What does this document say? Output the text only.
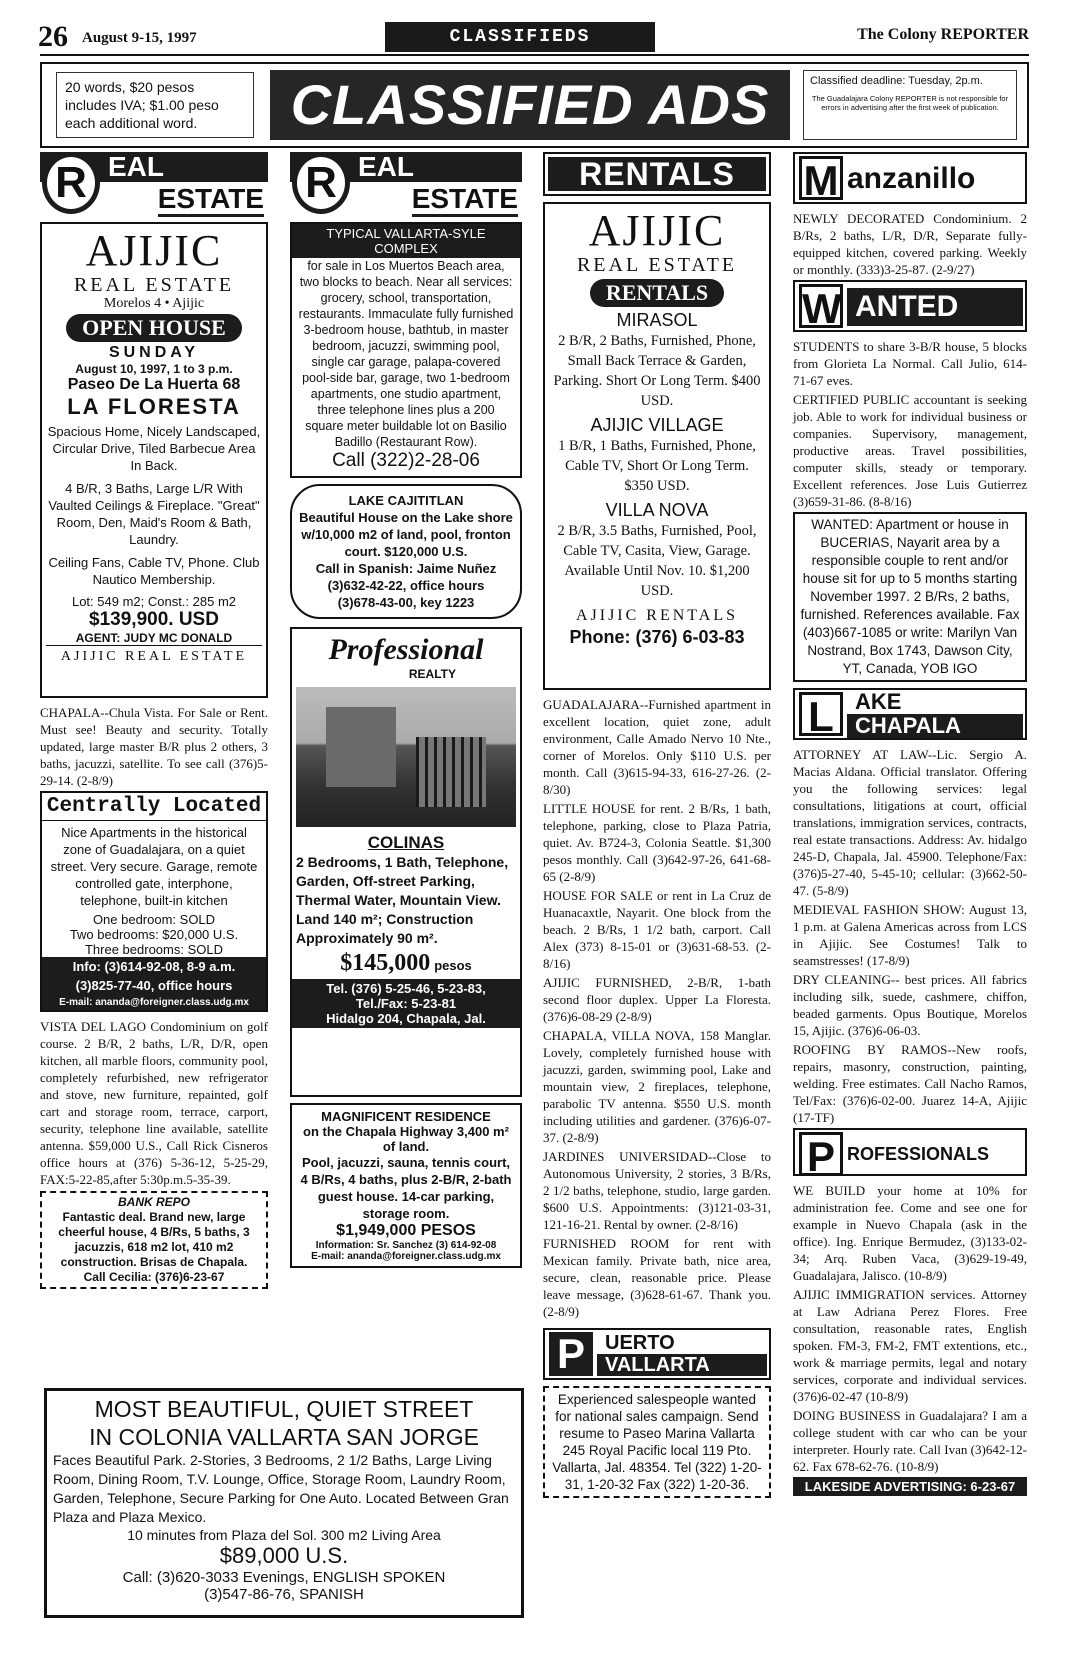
26 August 9-15, 1997	CLASSIFIEDS	The Colony REPORTER
20 words, $20 pesos includes IVA; $1.00 peso each additional word.	CLASSIFIED ADS	Classified deadline: Tuesday, 2p.m.
The Guadalajara Colony REPORTER is not responsible for errors in advertising after the first week of publication.
R EAL
ESTATE
AJIJIC
REAL ESTATE
Morelos 4 • Ajijic
OPEN HOUSE
SUNDAY
August 10, 1997, 1 to 3 p.m.
Paseo De La Huerta 68
LA FLORESTA
Spacious Home, Nicely Landscaped, Circular Drive, Tiled Barbecue Area In Back.
4 B/R, 3 Baths, Large L/R With Vaulted Ceilings & Fireplace. "Great" Room, Den, Maid's Room & Bath, Laundry.
Ceiling Fans, Cable TV, Phone. Club Nautico Membership.
Lot: 549 m2; Const.: 285 m2
$139,900. USD
AGENT: JUDY MC DONALD
AJIJIC REAL ESTATE

CHAPALA--Chula Vista. For Sale or Rent. Must see! Beauty and security. Totally updated, large master B/R plus 2 others, 3 baths, jacuzzi, satellite. To see call (376)5-29-14. (2-8/9)

Centrally Located
Nice Apartments in the historical zone of Guadalajara, on a quiet street. Very secure. Garage, remote controlled gate, interphone, telephone, built-in kitchen
One bedroom: SOLD
Two bedrooms: $20,000 U.S.
Three bedrooms: SOLD
Info: (3)614-92-08, 8-9 a.m.
(3)825-77-40, office hours
E-mail: ananda@foreigner.class.udg.mx

VISTA DEL LAGO Condominium on golf course. 2 B/R, 2 baths, L/R, D/R, open kitchen, all marble floors, community pool, completely refurbished, new refrigerator and stove, new furniture, repainted, golf cart and storage room, terrace, carport, security, telephone line available, satellite antenna. $59,000 U.S., Call Rick Cisneros office hours at (376) 5-36-12, 5-25-29, FAX:5-22-85,after 5:30p.m.5-35-39.

BANK REPO
Fantastic deal. Brand new, large cheerful house, 4 B/Rs, 5 baths, 3 jacuzzis, 618 m2 lot, 410 m2 construction. Brisas de Chapala.
Call Cecilia: (376)6-23-67
R EAL
ESTATE
TYPICAL VALLARTA-SYLE COMPLEX
for sale in Los Muertos Beach area, two blocks to beach. Near all services: grocery, school, transportation, restaurants. Immaculate fully furnished 3-bedroom house, bathtub, in master bedroom, jacuzzi, swimming pool, single car garage, palapa-covered pool-side bar, garage, two 1-bedroom apartments, one studio apartment, three telephone lines plus a 200 square meter buildable lot on Basilio Badillo (Restaurant Row).
Call (322)2-28-06
LAKE CAJITITLAN
Beautiful House on the Lake shore w/10,000 m2 of land, pool, fronton court. $120,000 U.S.
Call in Spanish: Jaime Nuñez
(3)632-42-22, office hours
(3)678-43-00, key 1223
Professional
REALTY
COLINAS
2 Bedrooms, 1 Bath, Telephone, Garden, Off-street Parking, Thermal Water, Mountain View. Land 140 m²; Construction Approximately 90 m².
$145,000 pesos
Tel. (376) 5-25-46, 5-23-83,
Tel./Fax: 5-23-81
Hidalgo 204, Chapala, Jal.
MAGNIFICENT RESIDENCE
on the Chapala Highway 3,400 m² of land.
Pool, jacuzzi, sauna, tennis court, 4 B/Rs, 4 baths, plus 2-B/R, 2-bath guest house. 14-car parking, storage room.
$1,949,000 PESOS
Information: Sr. Sanchez (3) 614-92-08
E-mail: ananda@foreigner.class.udg.mx
MOST BEAUTIFUL, QUIET STREET
IN COLONIA VALLARTA SAN JORGE
Faces Beautiful Park. 2-Stories, 3 Bedrooms, 2 1/2 Baths, Large Living Room, Dining Room, T.V. Lounge, Office, Storage Room, Laundry Room, Garden, Telephone, Secure Parking for One Auto. Located Between Gran Plaza and Plaza Mexico.
10 minutes from Plaza del Sol. 300 m2 Living Area
$89,000 U.S.
Call: (3)620-3033 Evenings, ENGLISH SPOKEN
(3)547-86-76, SPANISH
RENTALS
AJIJIC
REAL ESTATE
RENTALS
MIRASOL
2 B/R, 2 Baths, Furnished, Phone, Small Back Terrace & Garden, Parking. Short Or Long Term. $400 USD.
AJIJIC VILLAGE
1 B/R, 1 Baths, Furnished, Phone, Cable TV, Short Or Long Term. $350 USD.
VILLA NOVA
2 B/R, 3.5 Baths, Furnished, Pool, Cable TV, Casita, View, Garage. Available Until Nov. 10. $1,200 USD.
AJIJIC RENTALS
Phone: (376) 6-03-83

GUADALAJARA--Furnished apartment in excellent location, quiet zone, adult environment, Calle Amado Nervo 10 Nte., corner of Morelos. Only $110 U.S. per month. Call (3)615-94-33, 616-27-26. (2-8/30)

LITTLE HOUSE for rent. 2 B/Rs, 1 bath, telephone, parking, close to Plaza Patria, quiet. Av. B724-3, Colonia Seattle. $1,300 pesos monthly. Call (3)642-97-26, 641-68-65 (2-8/9)

HOUSE FOR SALE or rent in La Cruz de Huanacaxtle, Nayarit. One block from the beach. 2 B/Rs, 1 1/2 bath, carport. Call Alex (373) 8-15-01 or (3)631-68-53. (2-8/16)

AJIJIC FURNISHED, 2-B/R, 1-bath second floor duplex. Upper La Floresta. (376)6-08-29 (2-8/9)

CHAPALA, VILLA NOVA, 158 Manglar. Lovely, completely furnished house with jacuzzi, garden, swimming pool, Lake and mountain view, 2 fireplaces, telephone, parabolic TV antenna. $550 U.S. month including utilities and gardener. (376)6-07-37. (2-8/9)

JARDINES UNIVERSIDAD--Close to Autonomous University, 2 stories, 3 B/Rs, 2 1/2 baths, telephone, studio, large garden. $600 U.S. Appointments: (3)121-03-31, 121-16-21. Rental by owner. (2-8/16)

FURNISHED ROOM for rent with Mexican family. Private bath, nice area, secure, clean, reasonable price. Please leave message, (3)628-61-67. Thank you. (2-8/9)

P	UERTO
VALLARTA
Experienced salespeople wanted for national sales campaign. Send resume to Paseo Marina Vallarta 245 Royal Pacific local 119 Pto. Vallarta, Jal. 48354. Tel (322) 1-20-31, 1-20-32 Fax (322) 1-20-36.
M anzanillo

NEWLY DECORATED Condominium. 2 B/Rs, 2 baths, L/R, D/R, Separate fully-equipped kitchen, covered parking. Weekly or monthly. (333)3-25-87. (2-9/27)

W ANTED

STUDENTS to share 3-B/R house, 5 blocks from Glorieta La Normal. Call Julio, 614-71-67 eves.

CERTIFIED PUBLIC accountant is seeking job. Able to work for individual business or companies. Supervisory, management, productive areas. Travel possibilities, computer skills, steady or temporary. Excellent references. Jose Luis Gutierrez (3)659-31-86. (8-8/16)

WANTED: Apartment or house in BUCERIAS, Nayarit area by a responsible couple to rent and/or house sit for up to 5 months starting November 1997. 2 B/Rs, 2 baths, furnished. References available. Fax (403)667-1085 or write: Marilyn Van Nostrand, Box 1743, Dawson City, YT, Canada, YOB IGO
L AKE
CHAPALA

ATTORNEY AT LAW--Lic. Sergio A. Macias Aldana. Official translator. Offering you the following services: legal consultations, litigations at court, official translations, immigration services, contracts, real estate transactions. Address: Av. hidalgo 245-D, Chapala, Jal. 45900. Telephone/Fax: (376)5-27-40, 5-45-10; cellular: (3)662-50-47. (5-8/9)

MEDIEVAL FASHION SHOW: August 13, 1 p.m. at Galena Americas across from LCS in Ajijic. See Costumes! Talk to seamstresses! (17-8/9)

DRY CLEANING-- best prices. All fabrics including silk, suede, cashmere, chiffon, beaded garments. Opus Boutique, Morelos 15, Ajijic. (376)6-06-03.

ROOFING BY RAMOS--New roofs, repairs, masonry, construction, painting, welding. Free estimates. Call Nacho Ramos, Tel/Fax: (376)6-02-00. Juarez 14-A, Ajijic (17-TF)

P ROFESSIONALS

WE BUILD your home at 10% for administration fee. Come and see one for example in Nuevo Chapala (ask in the office). Ing. Enrique Bermudez, (3)133-02-34; Arq. Ruben Vaca, (3)629-19-49, Guadalajara, Jalisco. (10-8/9)

AJIJIC IMMIGRATION services. Attorney at Law Adriana Perez Flores. Free consultation, reasonable rates, English spoken. FM-3, FM-2, FMT extentions, etc., work & marriage permits, legal and notary services, corporate and individual services. (376)6-02-47 (10-8/9)

DOING BUSINESS in Guadalajara? I am a college student with car who can be your interpreter. Hourly rate. Call Ivan (3)642-12-62. Fax 678-62-76. (10-8/9)

LAKESIDE ADVERTISING: 6-23-67
